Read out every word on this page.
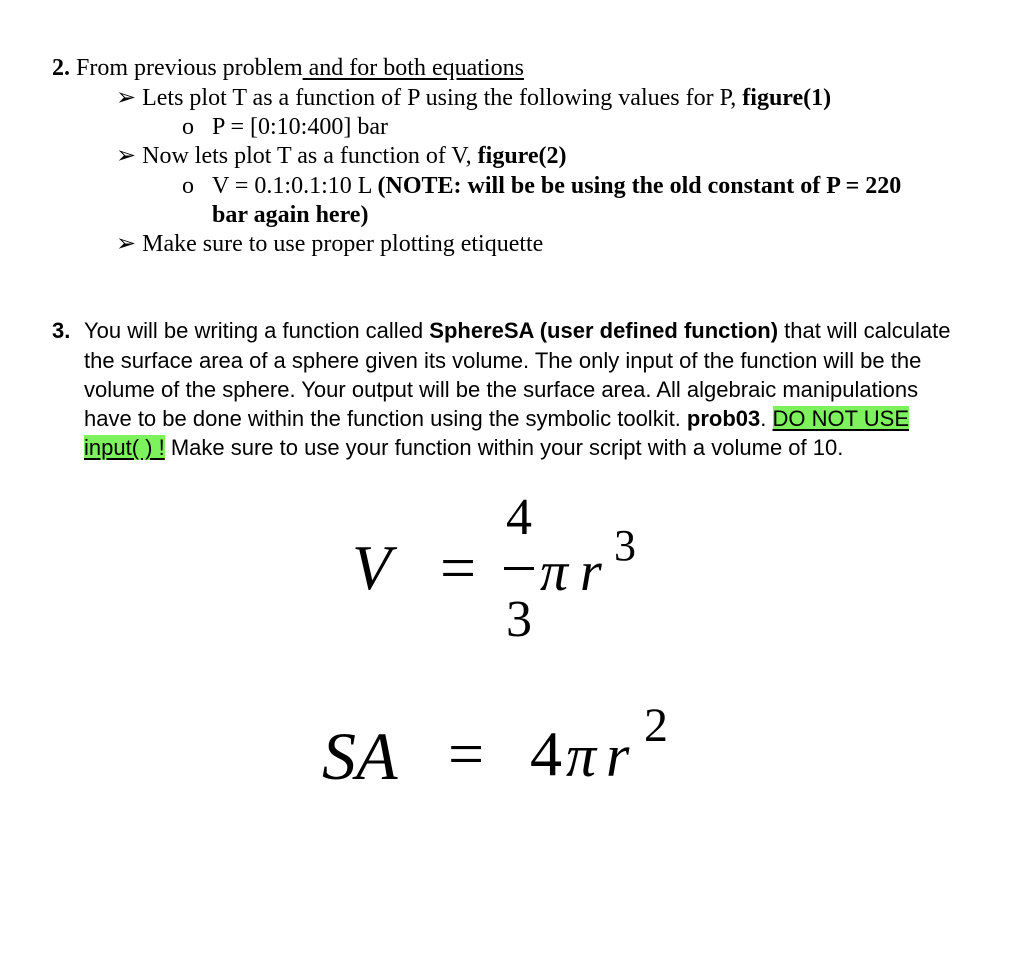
2. From previous problem and for both equations
➢ Lets plot T as a function of P using the following values for P, figure(1)
o P = [0:10:400] bar
➢ Now lets plot T as a function of V, figure(2)
o V = 0.1:0.1:10 L (NOTE: will be be using the old constant of P = 220
bar again here)
➢ Make sure to use proper plotting etiquette
3. You will be writing a function called SphereSA (user defined function) that will calculate
the surface area of a sphere given its volume. The only input of the function will be the
volume of the sphere. Your output will be the surface area. All algebraic manipulations
have to be done within the function using the symbolic toolkit. prob03. DO NOT USE
input( ) ! Make sure to use your function within your script with a volume of 10.
V =
4
3
π r 3
SA = 4 π r 2
